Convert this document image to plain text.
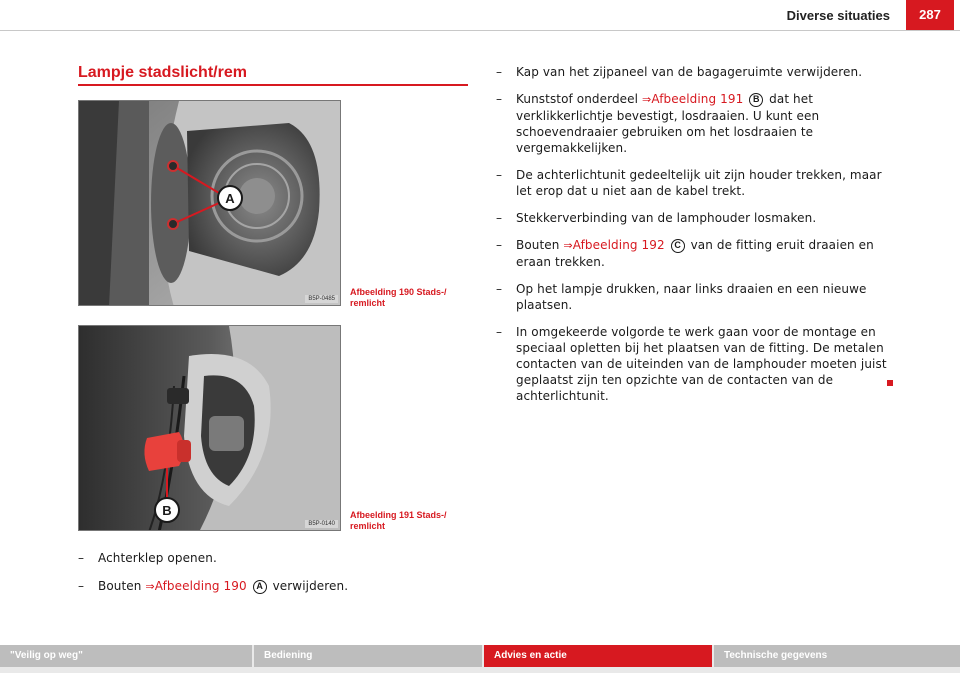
Diverse situaties	287
Lampje stadslicht/rem
A
B5P-0485
Afbeelding 190 Stads-/ remlicht
B
B5P-0140
Afbeelding 191 Stads-/ remlicht
– Achterklep openen.
– Bouten ⇒Afbeelding 190 A verwijderen.
– Kap van het zijpaneel van de bagageruimte verwijderen.
– Kunststof onderdeel ⇒Afbeelding 191 B dat het verklikkerlichtje bevestigt, losdraaien. U kunt een schoevendraaier gebruiken om het losdraaien te vergemakkelijken.
– De achterlichtunit gedeeltelijk uit zijn houder trekken, maar let erop dat u niet aan de kabel trekt.
– Stekkerverbinding van de lamphouder losmaken.
– Bouten ⇒Afbeelding 192 C van de fitting eruit draaien en eraan trekken.
– Op het lampje drukken, naar links draaien en een nieuwe plaatsen.
– In omgekeerde volgorde te werk gaan voor de montage en speciaal opletten bij het plaatsen van de fitting. De metalen contacten van de uiteinden van de lamphouder moeten juist geplaatst zijn ten opzichte van de contacten van de achterlichtunit.
"Veilig op weg"	Bediening	Advies en actie	Technische gegevens
